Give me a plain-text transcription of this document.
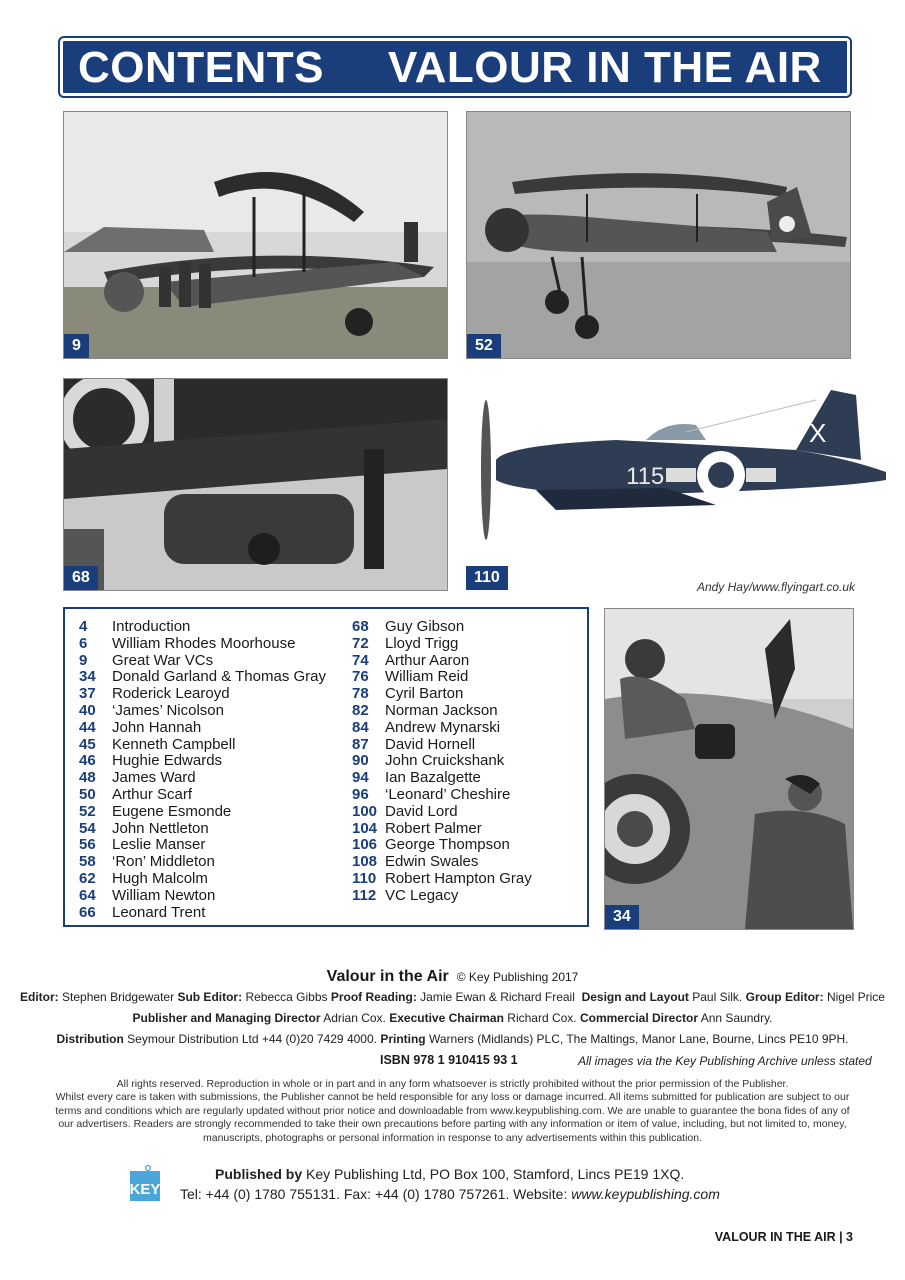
CONTENTS VALOUR IN THE AIR
9	52
68
115
X
110
Andy Hay/www.flyingart.co.uk
4 Introduction
6 William Rhodes Moorhouse
9 Great War VCs
34 Donald Garland & Thomas Gray
37 Roderick Learoyd
40 ‘James’ Nicolson
44 John Hannah
45 Kenneth Campbell
46 Hughie Edwards
48 James Ward
50 Arthur Scarf
52 Eugene Esmonde
54 John Nettleton
56 Leslie Manser
58 ‘Ron’ Middleton
62 Hugh Malcolm
64 William Newton
66 Leonard Trent
68 Guy Gibson
72 Lloyd Trigg
74 Arthur Aaron
76 William Reid
78 Cyril Barton
82 Norman Jackson
84 Andrew Mynarski
87 David Hornell
90 John Cruickshank
94 Ian Bazalgette
96 ‘Leonard’ Cheshire
100 David Lord
104 Robert Palmer
106 George Thompson
108 Edwin Swales
110 Robert Hampton Gray
112 VC Legacy
34
Valour in the Air © Key Publishing 2017
Editor: Stephen Bridgewater Sub Editor: Rebecca Gibbs Proof Reading: Jamie Ewan & Richard Freail  Design and Layout Paul Silk. Group Editor: Nigel Price
Publisher and Managing Director Adrian Cox. Executive Chairman Richard Cox. Commercial Director Ann Saundry.
Distribution Seymour Distribution Ltd +44 (0)20 7429 4000. Printing Warners (Midlands) PLC, The Maltings, Manor Lane, Bourne, Lincs PE10 9PH.
ISBN 978 1 910415 93 1	All images via the Key Publishing Archive unless stated
All rights reserved. Reproduction in whole or in part and in any form whatsoever is strictly prohibited without the prior permission of the Publisher.
Whilst every care is taken with submissions, the Publisher cannot be held responsible for any loss or damage incurred. All items submitted for publication are subject to our
terms and conditions which are regularly updated without prior notice and downloadable from www.keypublishing.com. We are unable to guarantee the bona fides of any of
our advertisers. Readers are strongly recommended to take their own precautions before parting with any information or item of value, including, but not limited to, money,
manuscripts, photographs or personal information in response to any advertisements within this publication.
KEY
Published by Key Publishing Ltd, PO Box 100, Stamford, Lincs PE19 1XQ.
Tel: +44 (0) 1780 755131. Fax: +44 (0) 1780 757261. Website: www.keypublishing.com
VALOUR IN THE AIR | 3
